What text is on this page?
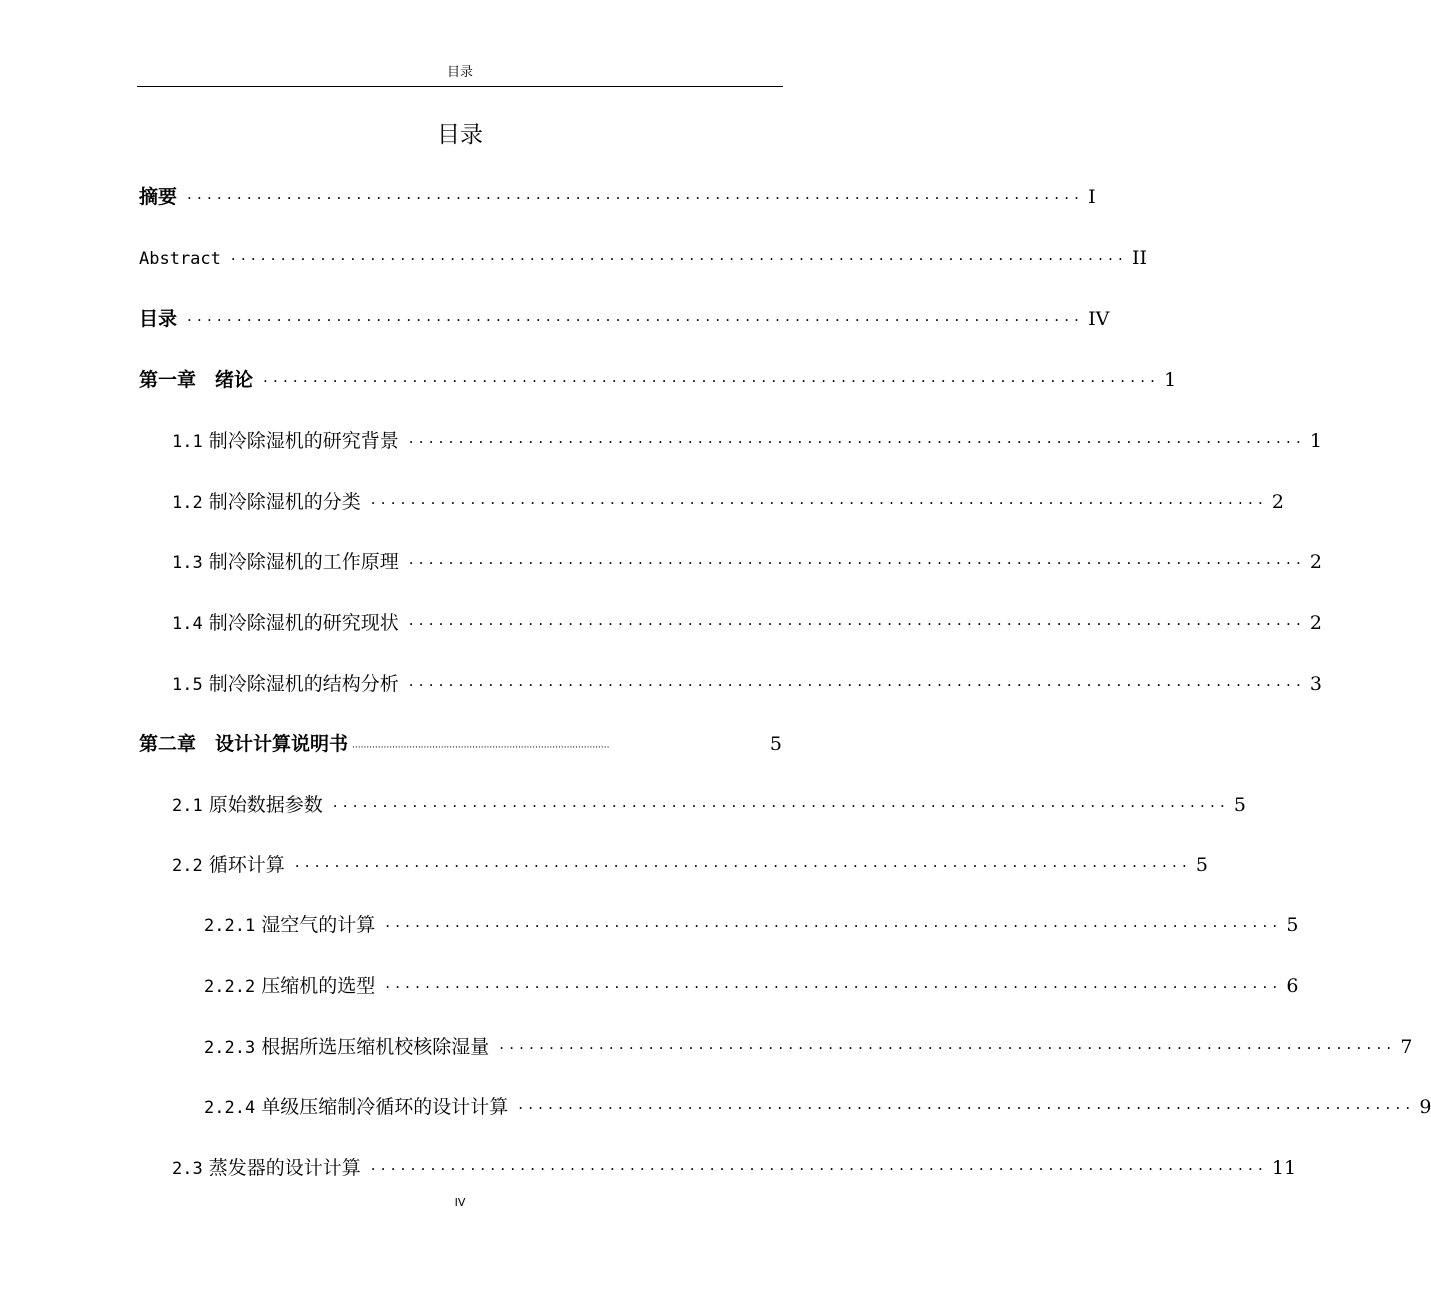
目录
目录
摘要 ·························································································· I
Abstract ·························································································· II
目录 ·························································································· IV
第一章　绪论 ·························································································· 1
1.1
制冷除湿机的研究背景 ·························································································· 1
1.2
制冷除湿机的分类 ·························································································· 2
1.3
制冷除湿机的工作原理 ·························································································· 2
1.4
制冷除湿机的研究现状 ·························································································· 2
1.5
制冷除湿机的结构分析 ·························································································· 3
第二章　设计计算说明书 ··························································································	5
2.1
原始数据参数 ·························································································· 5
2.2
循环计算 ·························································································· 5
2.2.1
湿空气的计算 ·························································································· 5
2.2.2
压缩机的选型 ·························································································· 6
2.2.3
根据所选压缩机校核除湿量 ·························································································· 7
2.2.4
单级压缩制冷循环的设计计算 ·························································································· 9
2.3
蒸发器的设计计算 ·························································································· 11
IV
